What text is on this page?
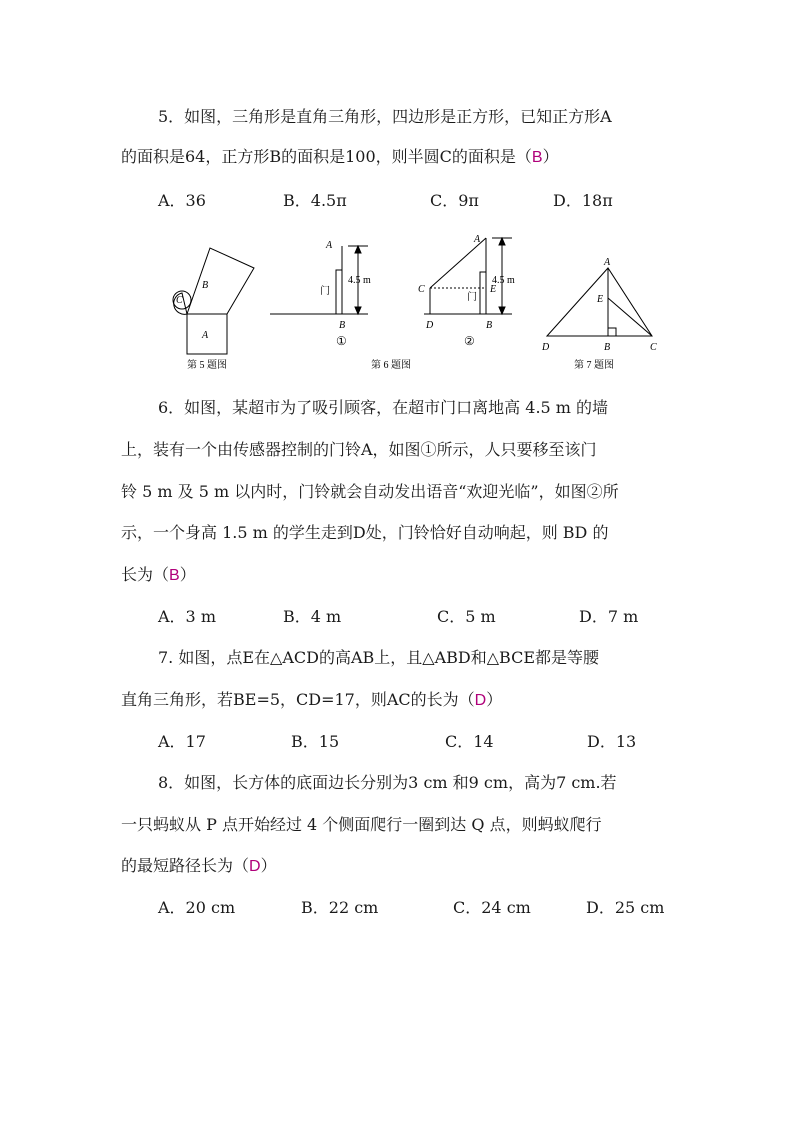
5．如图，三角形是直角三角形，四边形是正方形，已知正方形A
的面积是64，正方形B的面积是100，则半圆C的面积是（B）
A．36	B．4.5π	C．9π	D．18π
B
C
A
A
B
A
C	E
D	B
A
E
D	B	C
门
4.5 m
门
4.5 m
①	②
第 5 题图	第 6 题图	第 7 题图
6．如图，某超市为了吸引顾客，在超市门口离地高 4.5 m 的墙
上，装有一个由传感器控制的门铃A，如图①所示，人只要移至该门
铃 5 m 及 5 m 以内时，门铃就会自动发出语音“欢迎光临”，如图②所
示，一个身高 1.5 m 的学生走到D处，门铃恰好自动响起，则 BD 的
长为（B）
A．3 m	B．4 m	C．5 m	D．7 m
7. 如图，点E在△ACD的高AB上，且△ABD和△BCE都是等腰
直角三角形，若BE=5，CD=17，则AC的长为（D）
A．17	B．15	C．14	D．13
8．如图，长方体的底面边长分别为3 cm 和9 cm，高为7 cm.若
一只蚂蚁从 P 点开始经过 4 个侧面爬行一圈到达 Q 点，则蚂蚁爬行
的最短路径长为（D）
A．20 cm	B．22 cm	C．24 cm	D．25 cm
